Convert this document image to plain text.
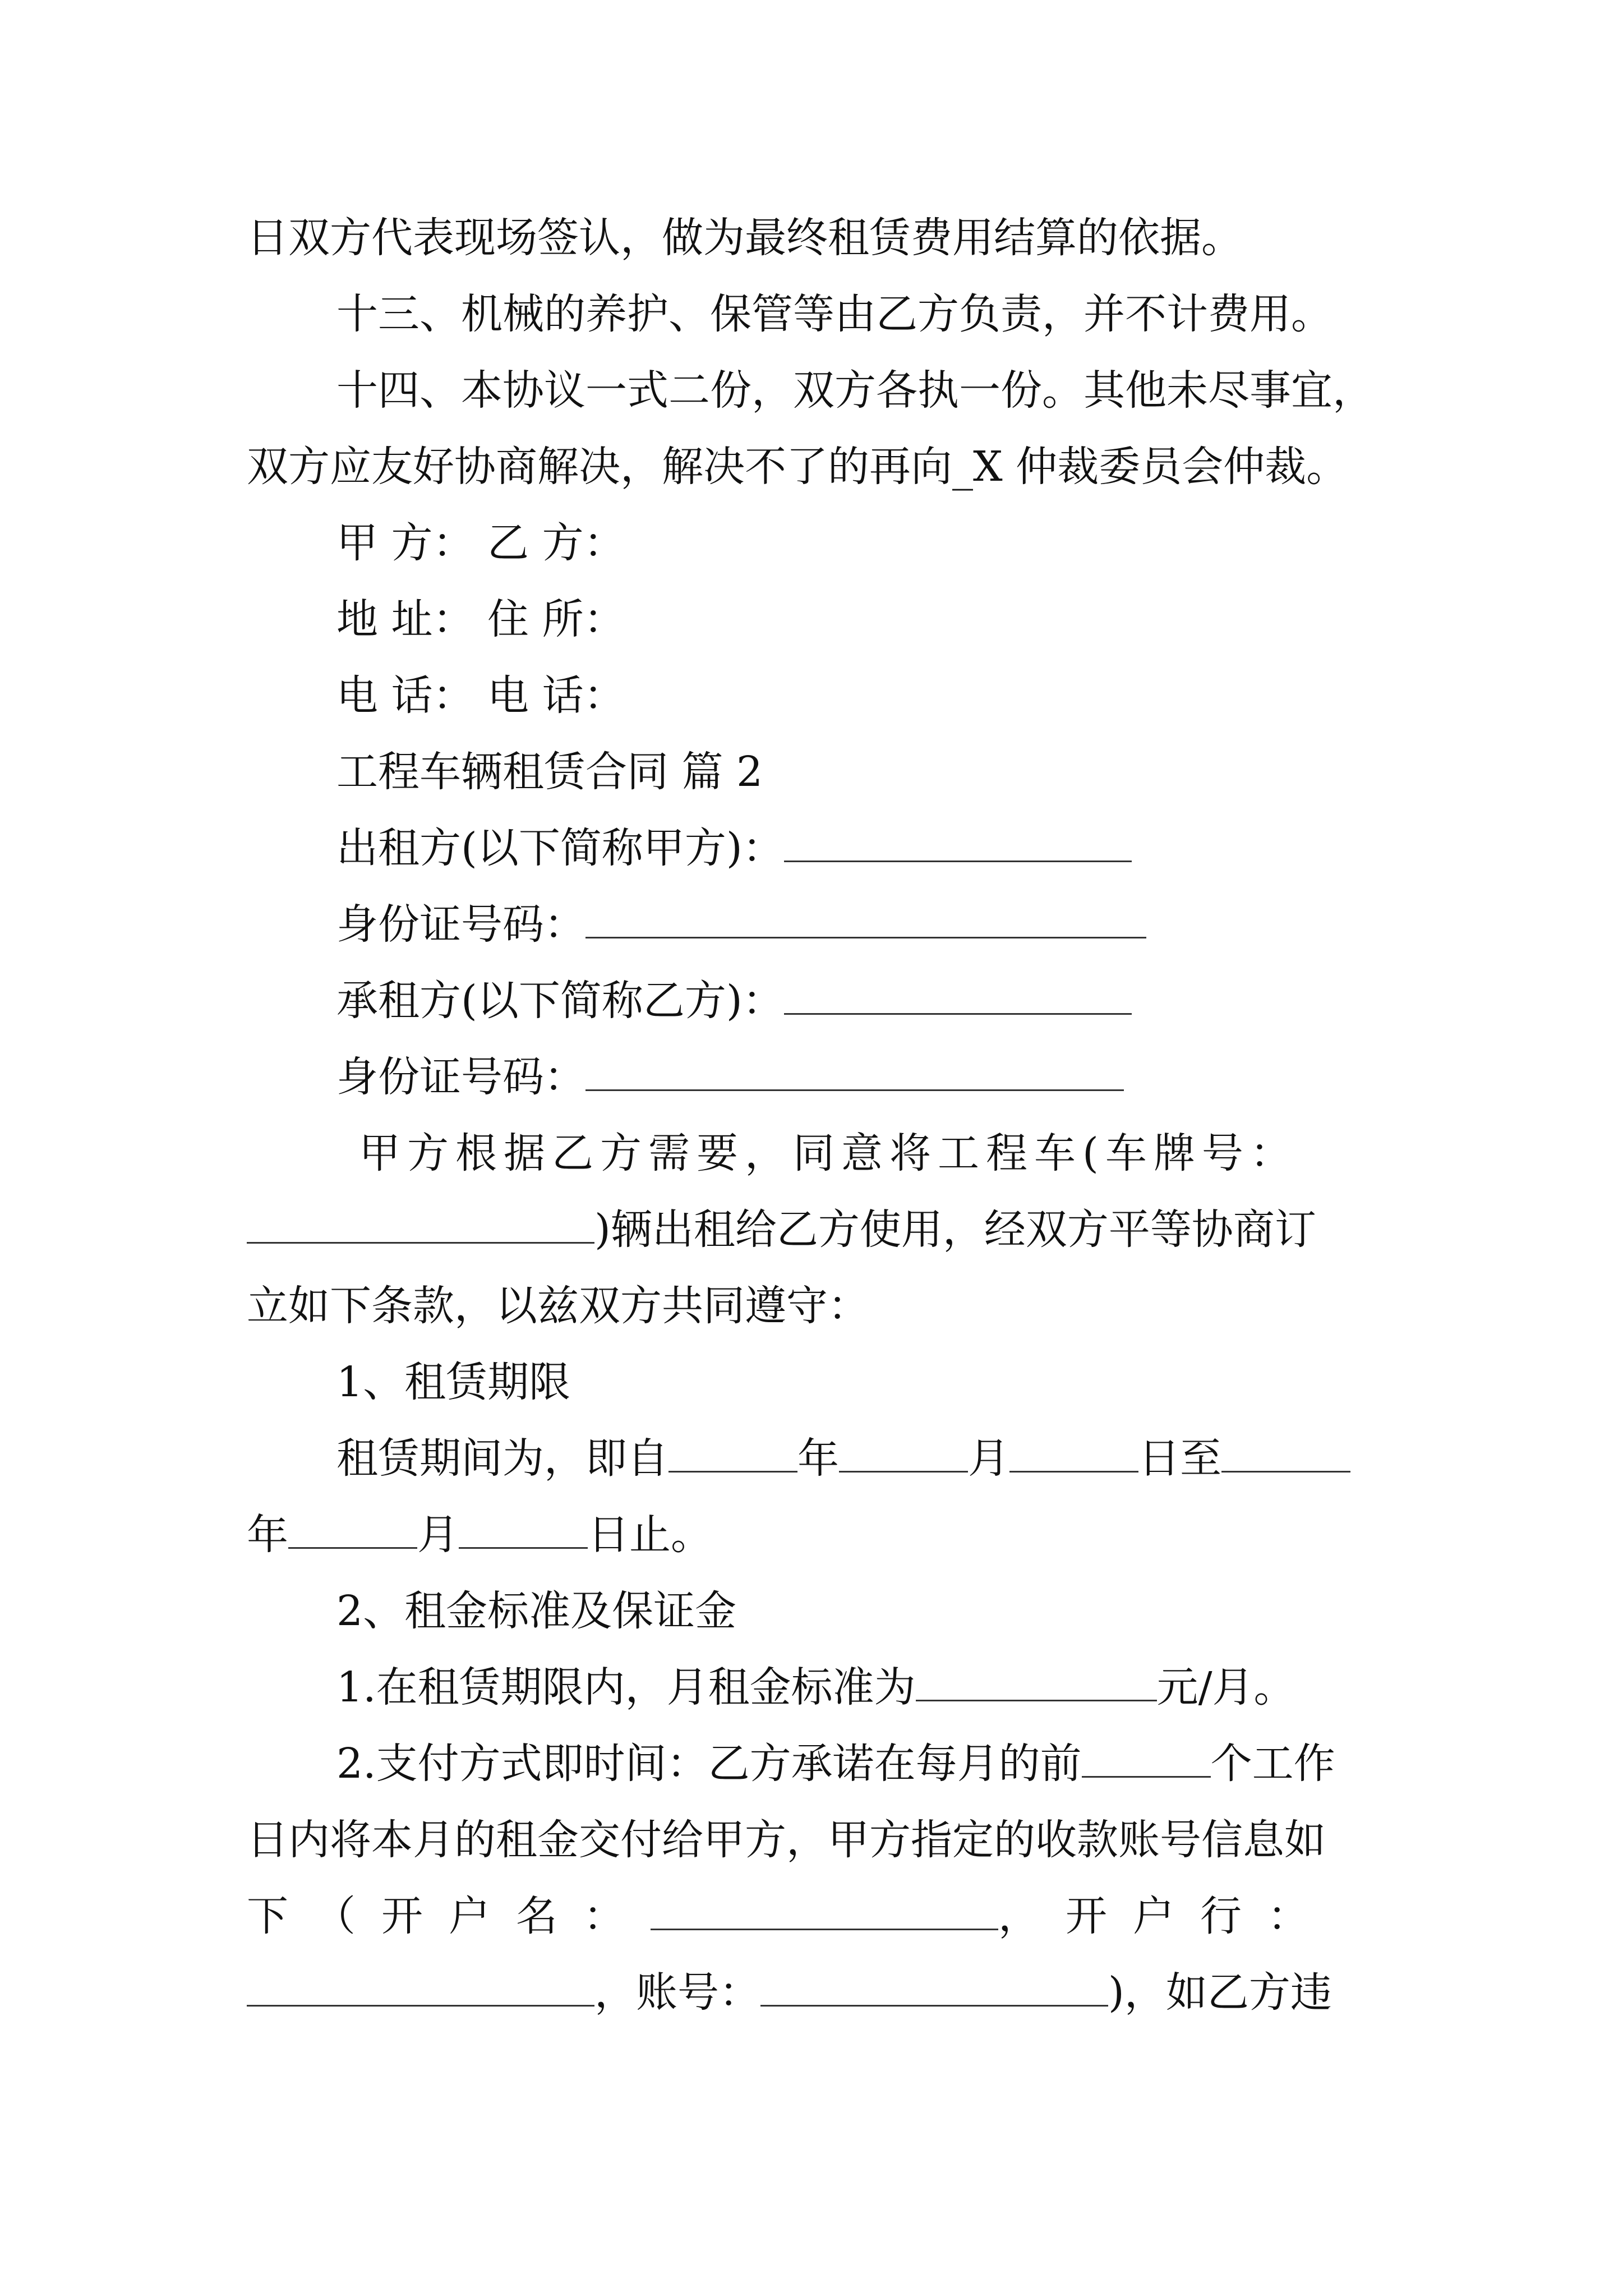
日双方代表现场签认，做为最终租赁费用结算的依据。

十三、机械的养护、保管等由乙方负责，并不计费用。

十四、本协议一式二份，双方各执一份。其他未尽事宜，

双方应友好协商解决，解决不了的再向_X 仲裁委员会仲裁。

甲 方： 乙 方：

地 址： 住 所：

电 话： 电 话：

工程车辆租赁合同 篇 2

出租方(以下简称甲方)：

身份证号码：

承租方(以下简称乙方)：

身份证号码：

甲方根据乙方需要，同意将工程车(车牌号：

)辆出租给乙方使用，经双方平等协商订

立如下条款，以兹双方共同遵守：

1、租赁期限

租赁期间为，即自	年	月	日至

年	月	日止。

2、租金标准及保证金

1.在租赁期限内，月租金标准为	元/月。

2.支付方式即时间：乙方承诺在每月的前	个工作

日内将本月的租金交付给甲方，甲方指定的收款账号信息如

下（开户名：	，开户行：

，账号：	)，如乙方违
